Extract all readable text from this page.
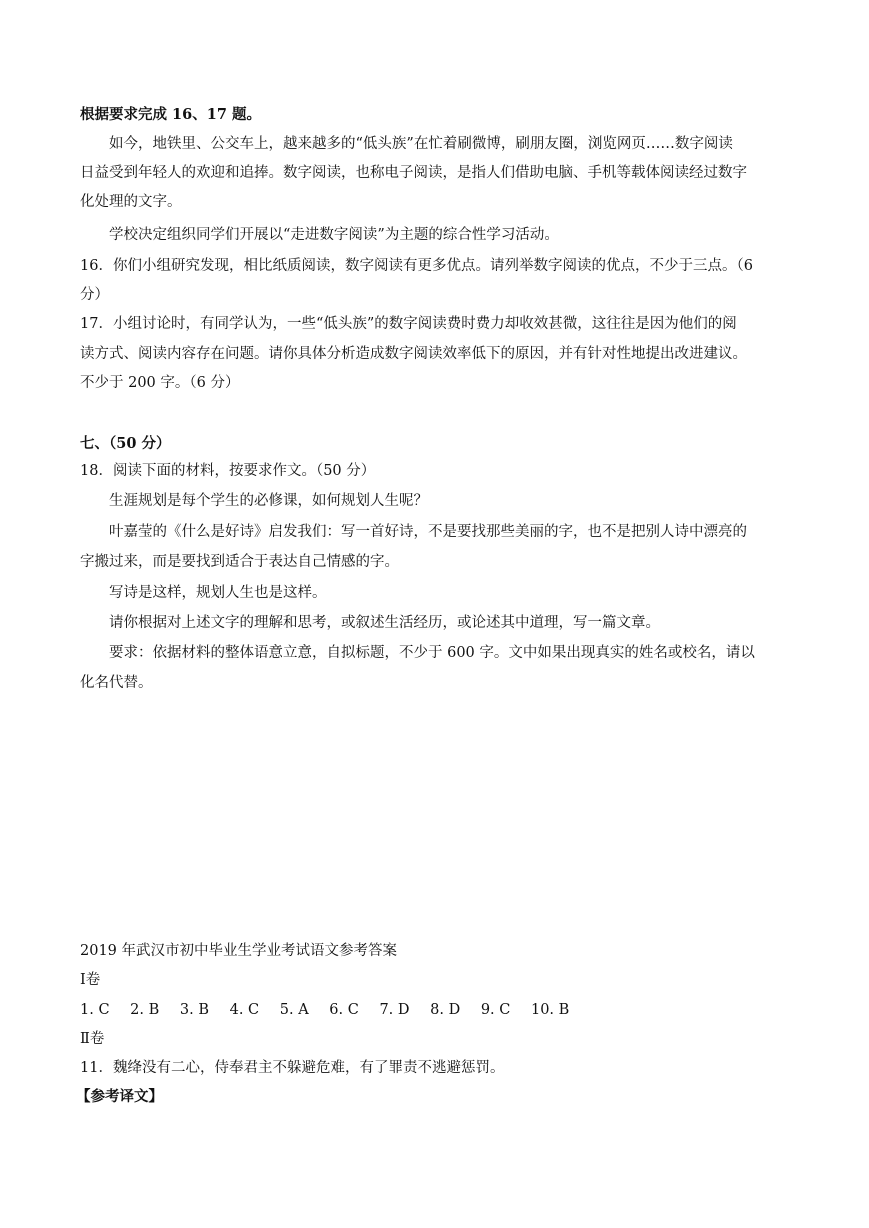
根据要求完成 16、17 题。
如今，地铁里、公交车上，越来越多的“低头族”在忙着刷微博，刷朋友圈，浏览网页……数字阅读
日益受到年轻人的欢迎和追捧。数字阅读，也称电子阅读，是指人们借助电脑、手机等载体阅读经过数字
化处理的文字。
学校决定组织同学们开展以“走进数字阅读”为主题的综合性学习活动。
16．你们小组研究发现，相比纸质阅读，数字阅读有更多优点。请列举数字阅读的优点，不少于三点。（6
分）
17．小组讨论时，有同学认为，一些“低头族”的数字阅读费时费力却收效甚微，这往往是因为他们的阅
读方式、阅读内容存在问题。请你具体分析造成数字阅读效率低下的原因，并有针对性地提出改进建议。
不少于 200 字。（6 分）
七、（50 分）
18．阅读下面的材料，按要求作文。（50 分）
生涯规划是每个学生的必修课，如何规划人生呢？
叶嘉莹的《什么是好诗》启发我们：写一首好诗，不是要找那些美丽的字，也不是把别人诗中漂亮的
字搬过来，而是要找到适合于表达自己情感的字。
写诗是这样，规划人生也是这样。
请你根据对上述文字的理解和思考，或叙述生活经历，或论述其中道理，写一篇文章。
要求：依据材料的整体语意立意，自拟标题，不少于 600 字。文中如果出现真实的姓名或校名，请以
化名代替。
2019 年武汉市初中毕业生学业考试语文参考答案
Ⅰ卷
1. C 2. B 3. B 4. C 5. A 6. C 7. D 8. D 9. C 10. B
Ⅱ卷
11．魏绛没有二心，侍奉君主不躲避危难，有了罪责不逃避惩罚。
【参考译文】
